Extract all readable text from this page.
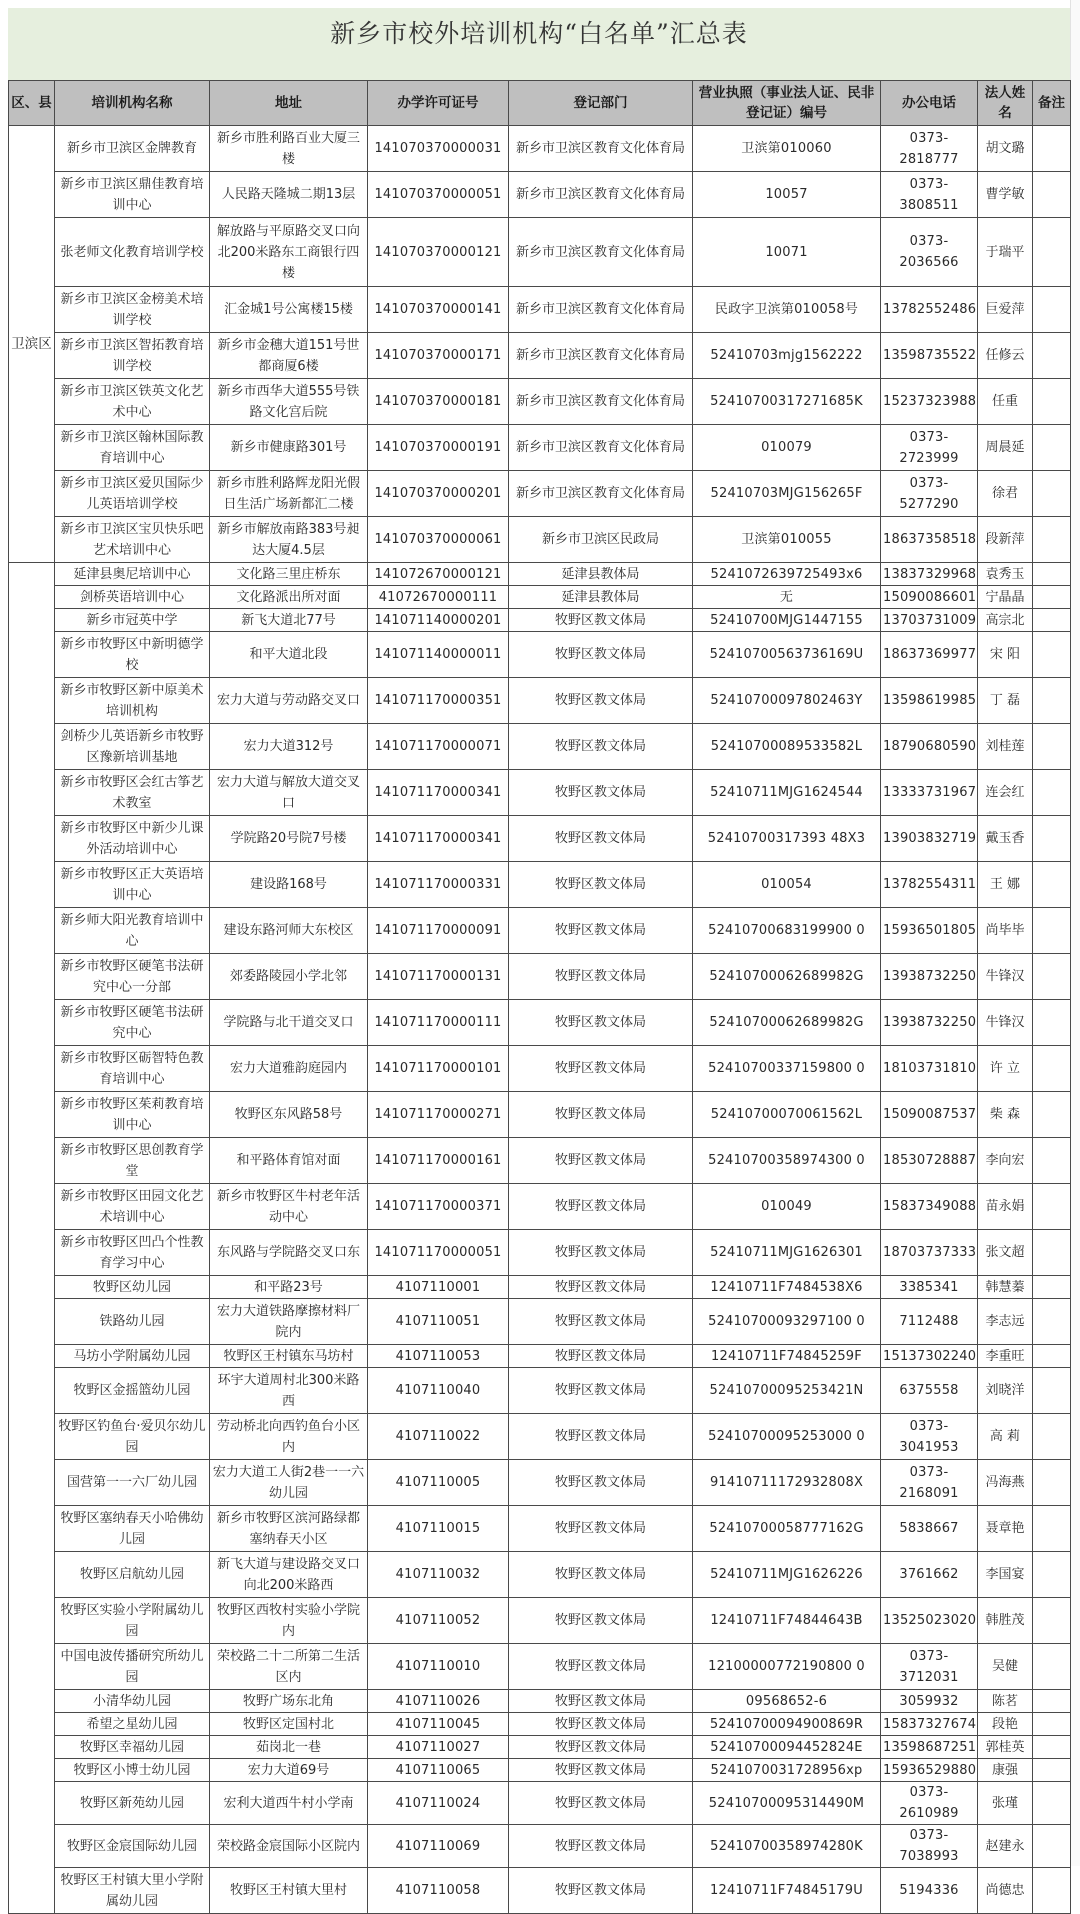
新乡市校外培训机构“白名单”汇总表
区、县	培训机构名称	地址	办学许可证号	登记部门	营业执照（事业法人证、民非登记证）编号	办公电话	法人姓名	备注
卫滨区	新乡市卫滨区金牌教育	新乡市胜利路百业大厦三楼	141070370000031	新乡市卫滨区教育文化体育局	卫滨第010060	0373-2818777	胡文璐	
	新乡市卫滨区鼎佳教育培训中心	人民路天隆城二期13层	141070370000051	新乡市卫滨区教育文化体育局	10057	0373-3808511	曹学敏	
	张老师文化教育培训学校	解放路与平原路交叉口向北200米路东工商银行四楼	141070370000121	新乡市卫滨区教育文化体育局	10071	0373-2036566	于瑞平	
	新乡市卫滨区金榜美术培训学校	汇金城1号公寓楼15楼	141070370000141	新乡市卫滨区教育文化体育局	民政字卫滨第010058号	13782552486	巨爱萍	
	新乡市卫滨区智拓教育培训学校	新乡市金穗大道151号世都商厦6楼	141070370000171	新乡市卫滨区教育文化体育局	52410703mjg1562222	13598735522	任修云	
	新乡市卫滨区铁英文化艺术中心	新乡市西华大道555号铁路文化宫后院	141070370000181	新乡市卫滨区教育文化体育局	52410700317271685K	15237323988	任重	
	新乡市卫滨区翰林国际教育培训中心	新乡市健康路301号	141070370000191	新乡市卫滨区教育文化体育局	010079	0373-2723999	周晨延	
	新乡市卫滨区爱贝国际少儿英语培训学校	新乡市胜利路辉龙阳光假日生活广场新都汇二楼	141070370000201	新乡市卫滨区教育文化体育局	52410703MJG156265F	0373-5277290	徐君	
	新乡市卫滨区宝贝快乐吧艺术培训中心	新乡市解放南路383号昶达大厦4.5层	141070370000061	新乡市卫滨区民政局	卫滨第010055	18637358518	段新萍	
	延津县奥尼培训中心	文化路三里庄桥东	141072670000121	延津县教体局	5241072639725493x6	13837329968	袁秀玉	
	剑桥英语培训中心	文化路派出所对面	41072670000111	延津县教体局	无	15090086601	宁晶晶	
	新乡市冠英中学	新飞大道北77号	141071140000201	牧野区教文体局	52410700MJG1447155	13703731009	高宗北	
	新乡市牧野区中新明德学校	和平大道北段	141071140000011	牧野区教文体局	52410700563736169U	18637369977	宋 阳	
	新乡市牧野区新中原美术培训机构	宏力大道与劳动路交叉口	141071170000351	牧野区教文体局	52410700097802463Y	13598619985	丁 磊	
	剑桥少儿英语新乡市牧野区豫新培训基地	宏力大道312号	141071170000071	牧野区教文体局	52410700089533582L	18790680590	刘桂莲	
	新乡市牧野区会红古筝艺术教室	宏力大道与解放大道交叉口	141071170000341	牧野区教文体局	52410711MJG1624544	13333731967	连会红	
	新乡市牧野区中新少儿课外活动培训中心	学院路20号院7号楼	141071170000341	牧野区教文体局	52410700317393 48X3	13903832719	戴玉香	
	新乡市牧野区正大英语培训中心	建设路168号	141071170000331	牧野区教文体局	010054	13782554311	王 娜	
	新乡师大阳光教育培训中心	建设东路河师大东校区	141071170000091	牧野区教文体局	52410700683199900 0	15936501805	尚毕毕	
	新乡市牧野区硬笔书法研究中心一分部	郊委路陵园小学北邻	141071170000131	牧野区教文体局	52410700062689982G	13938732250	牛锋汉	
	新乡市牧野区硬笔书法研究中心	学院路与北干道交叉口	141071170000111	牧野区教文体局	52410700062689982G	13938732250	牛锋汉	
	新乡市牧野区砺智特色教育培训中心	宏力大道雅韵庭园内	141071170000101	牧野区教文体局	52410700337159800 0	18103731810	许 立	
	新乡市牧野区茱莉教育培训中心	牧野区东风路58号	141071170000271	牧野区教文体局	52410700070061562L	15090087537	柴 森	
	新乡市牧野区思创教育学堂	和平路体育馆对面	141071170000161	牧野区教文体局	52410700358974300 0	18530728887	李向宏	
	新乡市牧野区田园文化艺术培训中心	新乡市牧野区牛村老年活动中心	141071170000371	牧野区教文体局	010049	15837349088	苗永娟	
	新乡市牧野区凹凸个性教育学习中心	东风路与学院路交叉口东	141071170000051	牧野区教文体局	52410711MJG1626301	18703737333	张文超	
	牧野区幼儿园	和平路23号	4107110001	牧野区教文体局	12410711F7484538X6	3385341	韩慧蓁	
	铁路幼儿园	宏力大道铁路摩擦材料厂院内	4107110051	牧野区教文体局	52410700093297100 0	7112488	李志远	
	马坊小学附属幼儿园	牧野区王村镇东马坊村	4107110053	牧野区教文体局	12410711F74845259F	15137302240	李重旺	
	牧野区金摇篮幼儿园	环宇大道周村北300米路西	4107110040	牧野区教文体局	52410700095253421N	6375558	刘晓洋	
	牧野区钓鱼台·爱贝尔幼儿园	劳动桥北向西钓鱼台小区内	4107110022	牧野区教文体局	52410700095253000 0	0373-3041953	高 莉	
	国营第一一六厂幼儿园	宏力大道工人街2巷一一六幼儿园	4107110005	牧野区教文体局	91410711172932808X	0373-2168091	冯海燕	
	牧野区塞纳春天小哈佛幼儿园	新乡市牧野区滨河路绿都塞纳春天小区	4107110015	牧野区教文体局	52410700058777162G	5838667	聂章艳	
	牧野区启航幼儿园	新飞大道与建设路交叉口向北200米路西	4107110032	牧野区教文体局	52410711MJG1626226	3761662	李国宴	
	牧野区实验小学附属幼儿园	牧野区西牧村实验小学院内	4107110052	牧野区教文体局	12410711F74844643B	13525023020	韩胜茂	
	中国电波传播研究所幼儿园	荣校路二十二所第二生活区内	4107110010	牧野区教文体局	12100000772190800 0	0373-3712031	吴健	
	小清华幼儿园	牧野广场东北角	4107110026	牧野区教文体局	09568652-6	3059932	陈茗	
	希望之星幼儿园	牧野区定国村北	4107110045	牧野区教文体局	52410700094900869R	15837327674	段艳	
	牧野区幸福幼儿园	茹岗北一巷	4107110027	牧野区教文体局	52410700094452824E	13598687251	郭桂英	
	牧野区小博士幼儿园	宏力大道69号	4107110065	牧野区教文体局	5241070031728956xp	15936529880	康强	
	牧野区新苑幼儿园	宏利大道西牛村小学南	4107110024	牧野区教文体局	52410700095314490M	0373-2610989	张瑾	
	牧野区金宸国际幼儿园	荣校路金宸国际小区院内	4107110069	牧野区教文体局	52410700358974280K	0373-7038993	赵建永	
	牧野区王村镇大里小学附属幼儿园	牧野区王村镇大里村	4107110058	牧野区教文体局	12410711F74845179U	5194336	尚德忠	
